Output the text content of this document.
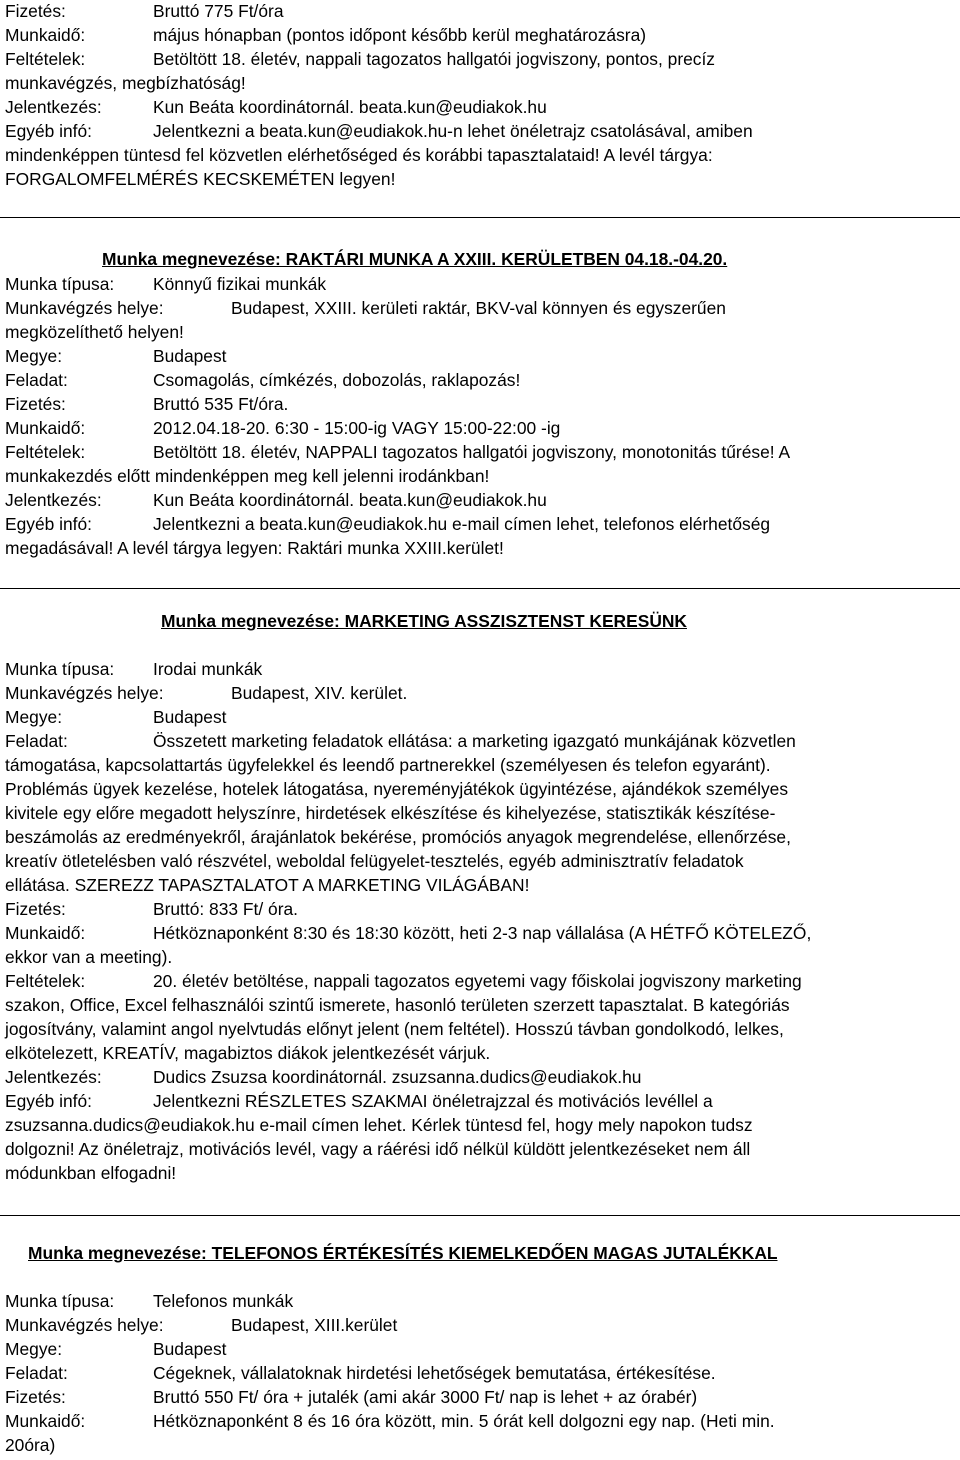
Fizetés:	Bruttó 775 Ft/óra
Munkaidő:	május hónapban (pontos időpont később kerül meghatározásra)
Feltételek:	Betöltött 18. életév, nappali tagozatos hallgatói jogviszony, pontos, precíz
munkavégzés, megbízhatóság!
Jelentkezés:	Kun Beáta koordinátornál. beata.kun@eudiakok.hu
Egyéb infó:	Jelentkezni a beata.kun@eudiakok.hu-n lehet önéletrajz csatolásával, amiben
mindenképpen tüntesd fel közvetlen elérhetőséged és korábbi tapasztalataid! A levél tárgya:
FORGALOMFELMÉRÉS KECSKEMÉTEN legyen!
Munka megnevezése: RAKTÁRI MUNKA A XXIII. KERÜLETBEN 04.18.-04.20.
Munka típusa: Könnyű fizikai munkák
Munkavégzés helye:	Budapest, XXIII. kerületi raktár, BKV-val könnyen és egyszerűen
megközelíthető helyen!
Megye:	Budapest
Feladat:	Csomagolás, címkézés, dobozolás, raklapozás!
Fizetés:	Bruttó 535 Ft/óra.
Munkaidő:	2012.04.18-20. 6:30 - 15:00-ig VAGY 15:00-22:00 -ig
Feltételek:	Betöltött 18. életév, NAPPALI tagozatos hallgatói jogviszony, monotonitás tűrése! A
munkakezdés előtt mindenképpen meg kell jelenni irodánkban!
Jelentkezés:	Kun Beáta koordinátornál. beata.kun@eudiakok.hu
Egyéb infó:	Jelentkezni a beata.kun@eudiakok.hu e-mail címen lehet, telefonos elérhetőség
megadásával! A levél tárgya legyen: Raktári munka XXIII.kerület!
Munka megnevezése: MARKETING ASSZISZTENST KERESÜNK
Munka típusa: Irodai munkák
Munkavégzés helye:	Budapest, XIV. kerület.
Megye:	Budapest
Feladat:	Összetett marketing feladatok ellátása: a marketing igazgató munkájának közvetlen
támogatása, kapcsolattartás ügyfelekkel és leendő partnerekkel (személyesen és telefon egyaránt).
Problémás ügyek kezelése, hotelek látogatása, nyereményjátékok ügyintézése, ajándékok személyes
kivitele egy előre megadott helyszínre, hirdetések elkészítése és kihelyezése, statisztikák készítése-
beszámolás az eredményekről, árajánlatok bekérése, promóciós anyagok megrendelése, ellenőrzése,
kreatív ötletelésben való részvétel, weboldal felügyelet-tesztelés, egyéb adminisztratív feladatok
ellátása. SZEREZZ TAPASZTALATOT A MARKETING VILÁGÁBAN!
Fizetés:	Bruttó: 833 Ft/ óra.
Munkaidő:	Hétköznaponként 8:30 és 18:30 között, heti 2-3 nap vállalása (A HÉTFŐ KÖTELEZŐ,
ekkor van a meeting).
Feltételek:	20. életév betöltése, nappali tagozatos egyetemi vagy főiskolai jogviszony marketing
szakon, Office, Excel felhasználói szintű ismerete, hasonló területen szerzett tapasztalat. B kategóriás
jogosítvány, valamint angol nyelvtudás előnyt jelent (nem feltétel). Hosszú távban gondolkodó, lelkes,
elkötelezett, KREATÍV, magabiztos diákok jelentkezését várjuk.
Jelentkezés:	Dudics Zsuzsa koordinátornál. zsuzsanna.dudics@eudiakok.hu
Egyéb infó:	Jelentkezni RÉSZLETES SZAKMAI önéletrajzzal és motivációs levéllel a
zsuzsanna.dudics@eudiakok.hu e-mail címen lehet. Kérlek tüntesd fel, hogy mely napokon tudsz
dolgozni! Az önéletrajz, motivációs levél, vagy a ráérési idő nélkül küldött jelentkezéseket nem áll
módunkban elfogadni!
Munka megnevezése: TELEFONOS ÉRTÉKESÍTÉS KIEMELKEDŐEN MAGAS JUTALÉKKAL
Munka típusa: Telefonos munkák
Munkavégzés helye:	Budapest, XIII.kerület
Megye:	Budapest
Feladat:	Cégeknek, vállalatoknak hirdetési lehetőségek bemutatása, értékesítése.
Fizetés:	Bruttó 550 Ft/ óra + jutalék (ami akár 3000 Ft/ nap is lehet + az órabér)
Munkaidő:	Hétköznaponként 8 és 16 óra között, min. 5 órát kell dolgozni egy nap. (Heti min.
20óra)
